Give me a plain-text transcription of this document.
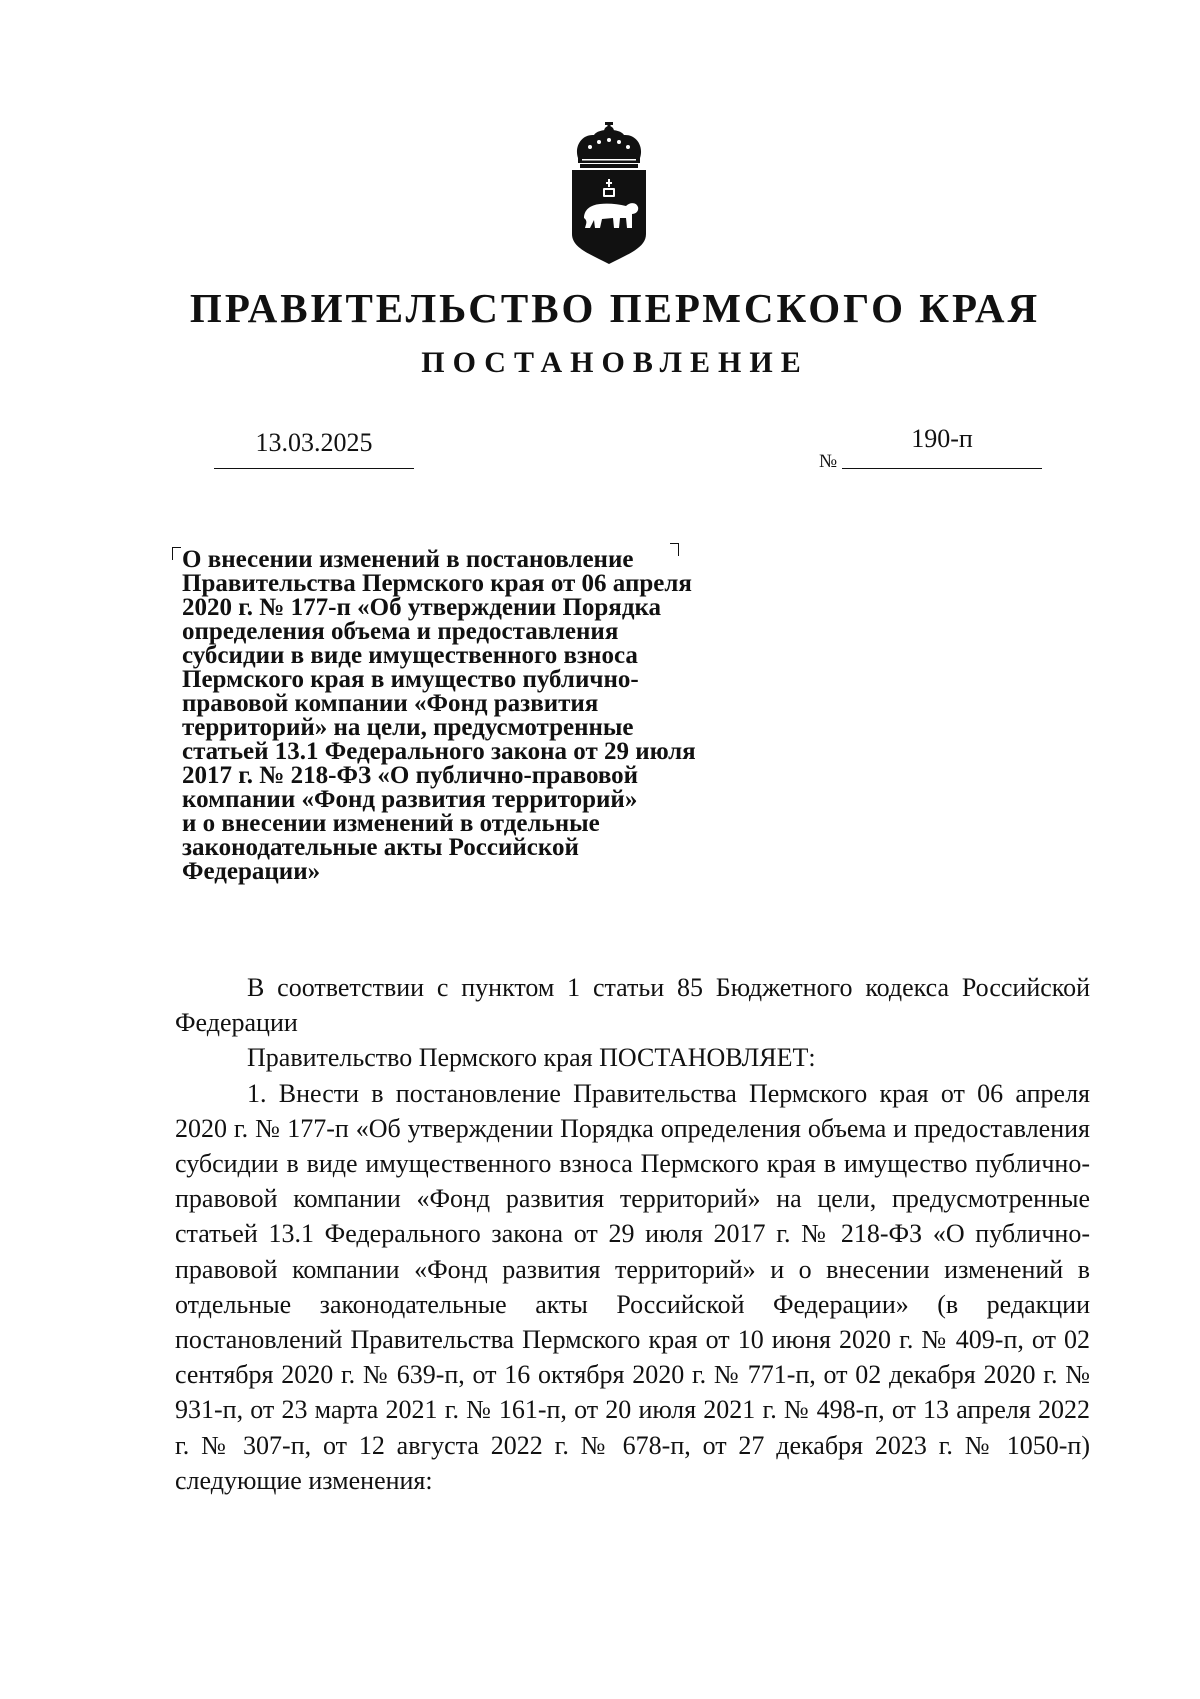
ПРАВИТЕЛЬСТВО ПЕРМСКОГО КРАЯ
ПОСТАНОВЛЕНИЕ
13.03.2025
№
190-п
О внесении изменений в постановление
Правительства Пермского края от 06 апреля
2020 г. № 177-п «Об утверждении Порядка
определения объема и предоставления
субсидии в виде имущественного взноса
Пермского края в имущество публично-
правовой компании «Фонд развития
территорий» на цели, предусмотренные
статьей 13.1 Федерального закона от 29 июля
2017 г. № 218-ФЗ «О публично-правовой
компании «Фонд развития территорий»
и о внесении изменений в отдельные
законодательные акты Российской
Федерации»

В соответствии с пунктом 1 статьи 85 Бюджетного кодекса Российской Федерации

Правительство Пермского края ПОСТАНОВЛЯЕТ:

1. Внести в постановление Правительства Пермского края от 06 апреля 2020 г. № 177-п «Об утверждении Порядка определения объема и предоставления субсидии в виде имущественного взноса Пермского края в имущество публично-правовой компании «Фонд развития территорий» на цели, предусмотренные статьей 13.1 Федерального закона от 29 июля 2017 г. № 218-ФЗ «О публично-правовой компании «Фонд развития территорий» и о внесении изменений в отдельные законодательные акты Российской Федерации» (в редакции постановлений Правительства Пермского края от 10 июня 2020 г. № 409-п, от 02 сентября 2020 г. № 639-п, от 16 октября 2020 г. № 771-п, от 02 декабря 2020 г. № 931-п, от 23 марта 2021 г. № 161-п, от 20 июля 2021 г. № 498-п, от 13 апреля 2022 г. № 307-п, от 12 августа 2022 г. № 678-п, от 27 декабря 2023 г. № 1050-п) следующие изменения:
